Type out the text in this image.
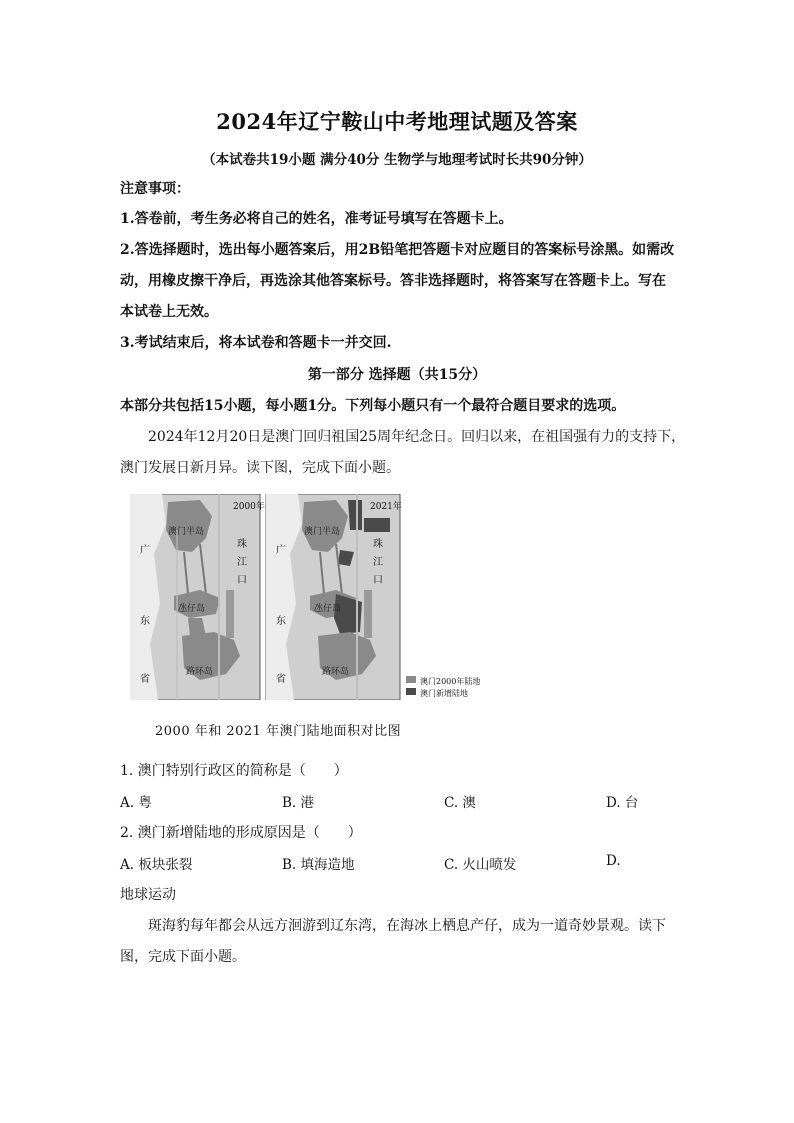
2024年辽宁鞍山中考地理试题及答案
（本试卷共19小题 满分40分 生物学与地理考试时长共90分钟）
注意事项：
1.答卷前，考生务必将自己的姓名，准考证号填写在答题卡上。
2.答选择题时，选出每小题答案后，用2B铅笔把答题卡对应题目的答案标号涂黑。如需改
动，用橡皮擦干净后，再选涂其他答案标号。答非选择题时，将答案写在答题卡上。写在
本试卷上无效。
3.考试结束后，将本试卷和答题卡一并交回.
第一部分 选择题（共15分）
本部分共包括15小题，每小题1分。下列每小题只有一个最符合题目要求的选项。
2024年12月20日是澳门回归祖国25周年纪念日。回归以来，在祖国强有力的支持下，
澳门发展日新月异。读下图，完成下面小题。
2000年	2021年
澳门半岛	澳门半岛
氹仔岛	氹仔岛
路环岛	路环岛
珠
江
口
珠
江
口
广
东
省
广
东
省	澳门2000年陆地
澳门新增陆地
2000 年和 2021 年澳门陆地面积对比图
1. 澳门特别行政区的简称是（　　）
A. 粤	B. 港	C. 澳	D. 台
2. 澳门新增陆地的形成原因是（　　）
A. 板块张裂	B. 填海造地	C. 火山喷发	D.
地球运动
斑海豹每年都会从远方洄游到辽东湾，在海冰上栖息产仔，成为一道奇妙景观。读下
图，完成下面小题。
